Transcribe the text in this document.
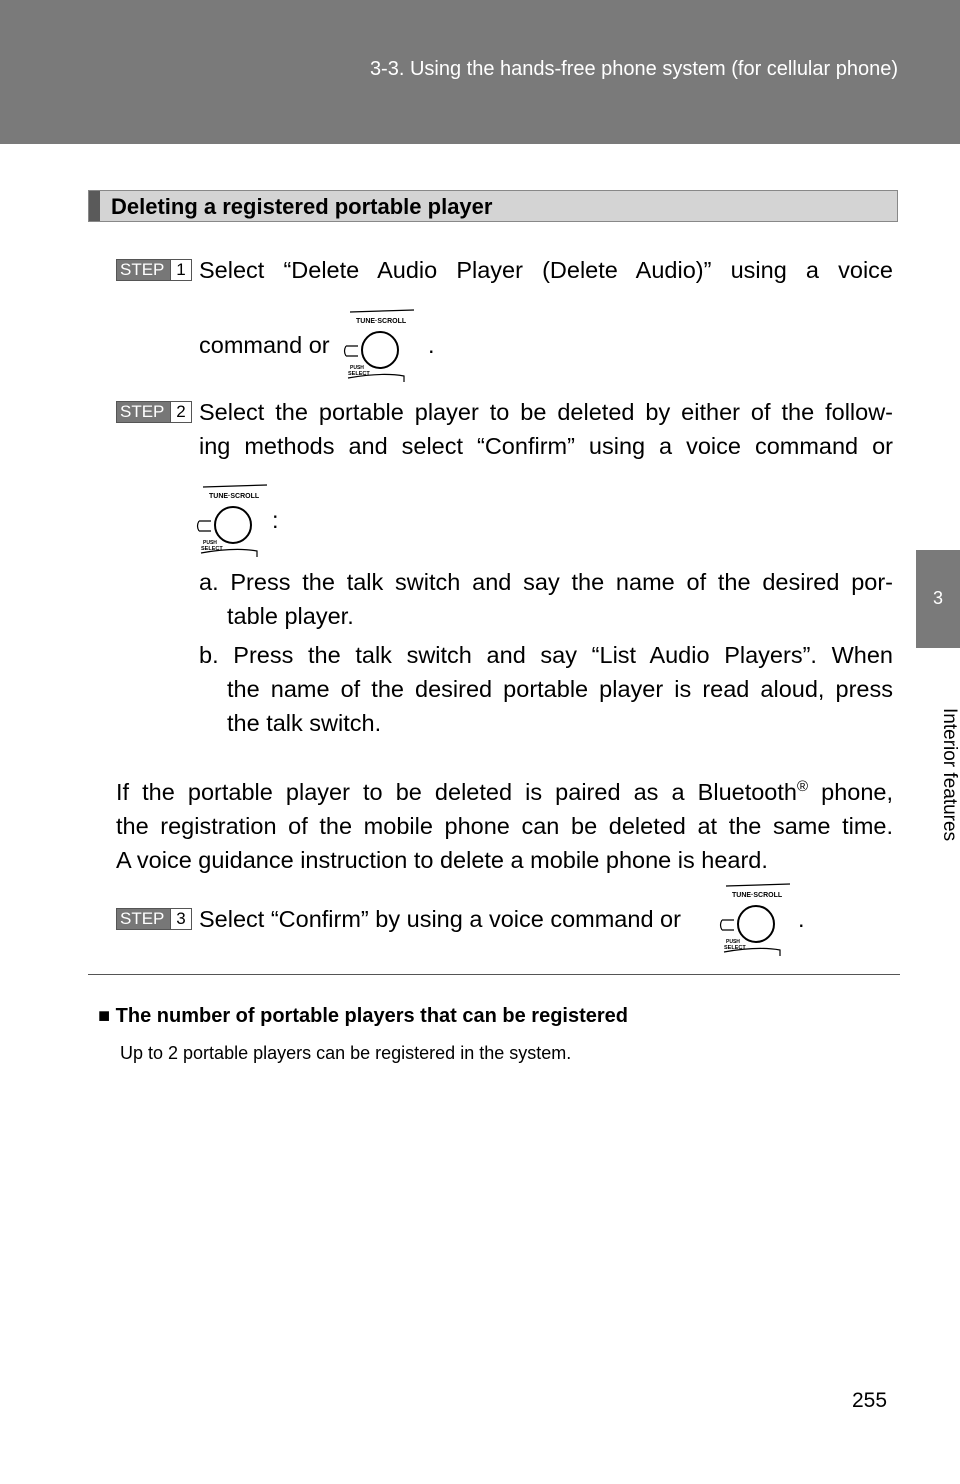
3-3. Using the hands-free phone system (for cellular phone)
3
Interior features
Deleting a registered portable player
STEP 1 Select “Delete Audio Player (Delete Audio)” using a voice
command or
TUNE·SCROLL
PUSH
SELECT
.
STEP 2 Select the portable player to be deleted by either of the follow-
ing methods and select “Confirm” using a voice command or
TUNE·SCROLL
PUSH
SELECT
:
a. Press the talk switch and say the name of the desired por-
table player.
b. Press the talk switch and say “List Audio Players”. When
the name of the desired portable player is read aloud, press
the talk switch.
If the portable player to be deleted is paired as a Bluetooth® phone,
the registration of the mobile phone can be deleted at the same time.
A voice guidance instruction to delete a mobile phone is heard.
STEP 3 Select “Confirm” by using a voice command or
TUNE·SCROLL
PUSH
SELECT
.
■ The number of portable players that can be registered
Up to 2 portable players can be registered in the system.
255
